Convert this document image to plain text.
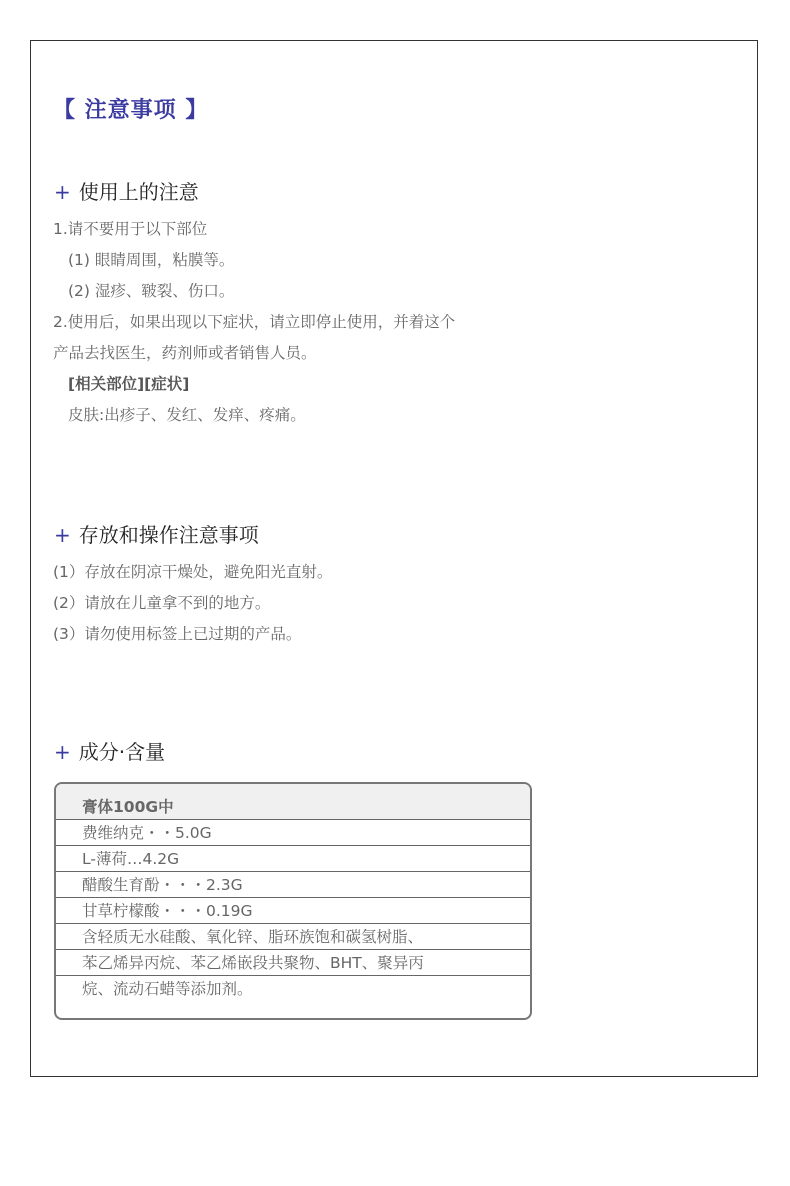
【 注意事项 】
+ 使用上的注意
1.请不要用于以下部位
(1) 眼睛周围，粘膜等。
(2) 湿疹、皲裂、伤口。
2.使用后，如果出现以下症状，请立即停止使用，并着这个
产品去找医生，药剂师或者销售人员。
[相关部位][症状]
皮肤:出疹子、发红、发痒、疼痛。
+ 存放和操作注意事项
(1）存放在阴凉干燥处，避免阳光直射。
(2）请放在儿童拿不到的地方。
(3）请勿使用标签上已过期的产品。
+ 成分·含量
膏体100G中
费维纳克・・5.0G
L-薄荷…4.2G
醋酸生育酚・・・2.3G
甘草柠檬酸・・・0.19G
含轻质无水硅酸、氧化锌、脂环族饱和碳氢树脂、
苯乙烯异丙烷、苯乙烯嵌段共聚物、BHT、聚异丙
烷、流动石蜡等添加剂。
